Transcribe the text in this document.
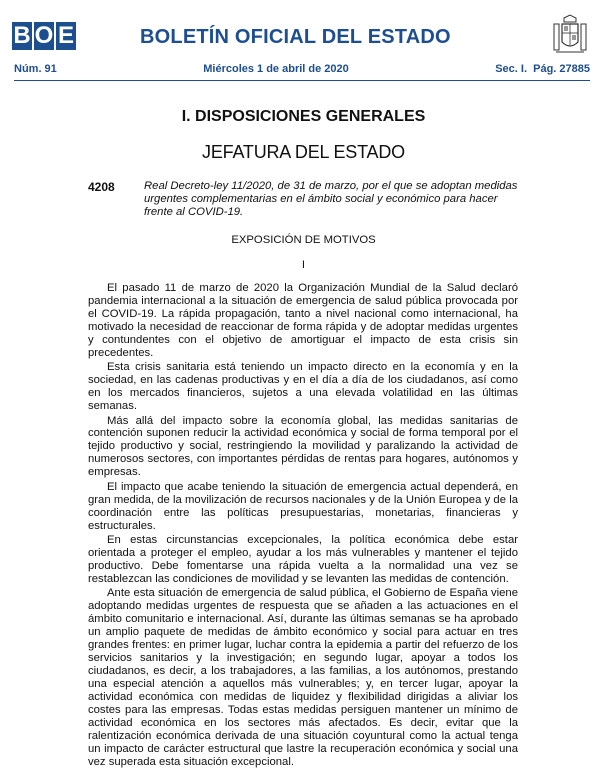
B O E	BOLETÍN OFICIAL DEL ESTADO
Núm. 91	Miércoles 1 de abril de 2020	Sec. I. Pág. 27885
I. DISPOSICIONES GENERALES
JEFATURA DEL ESTADO
4208	Real Decreto-ley 11/2020, de 31 de marzo, por el que se adoptan medidas urgentes complementarias en el ámbito social y económico para hacer frente al COVID-19.
EXPOSICIÓN DE MOTIVOS
I

El pasado 11 de marzo de 2020 la Organización Mundial de la Salud declaró pandemia internacional a la situación de emergencia de salud pública provocada por el COVID-19. La rápida propagación, tanto a nivel nacional como internacional, ha motivado la necesidad de reaccionar de forma rápida y de adoptar medidas urgentes y contundentes con el objetivo de amortiguar el impacto de esta crisis sin precedentes.

Esta crisis sanitaria está teniendo un impacto directo en la economía y en la sociedad, en las cadenas productivas y en el día a día de los ciudadanos, así como en los mercados financieros, sujetos a una elevada volatilidad en las últimas semanas.

Más allá del impacto sobre la economía global, las medidas sanitarias de contención suponen reducir la actividad económica y social de forma temporal por el tejido productivo y social, restringiendo la movilidad y paralizando la actividad de numerosos sectores, con importantes pérdidas de rentas para hogares, autónomos y empresas.

El impacto que acabe teniendo la situación de emergencia actual dependerá, en gran medida, de la movilización de recursos nacionales y de la Unión Europea y de la coordinación entre las políticas presupuestarias, monetarias, financieras y estructurales.

En estas circunstancias excepcionales, la política económica debe estar orientada a proteger el empleo, ayudar a los más vulnerables y mantener el tejido productivo. Debe fomentarse una rápida vuelta a la normalidad una vez se restablezcan las condiciones de movilidad y se levanten las medidas de contención.

Ante esta situación de emergencia de salud pública, el Gobierno de España viene adoptando medidas urgentes de respuesta que se añaden a las actuaciones en el ámbito comunitario e internacional. Así, durante las últimas semanas se ha aprobado un amplio paquete de medidas de ámbito económico y social para actuar en tres grandes frentes: en primer lugar, luchar contra la epidemia a partir del refuerzo de los servicios sanitarios y la investigación; en segundo lugar, apoyar a todos los ciudadanos, es decir, a los trabajadores, a las familias, a los autónomos, prestando una especial atención a aquellos más vulnerables; y, en tercer lugar, apoyar la actividad económica con medidas de liquidez y flexibilidad dirigidas a aliviar los costes para las empresas. Todas estas medidas persiguen mantener un mínimo de actividad económica en los sectores más afectados. Es decir, evitar que la ralentización económica derivada de una situación coyuntural como la actual tenga un impacto de carácter estructural que lastre la recuperación económica y social una vez superada esta situación excepcional.
